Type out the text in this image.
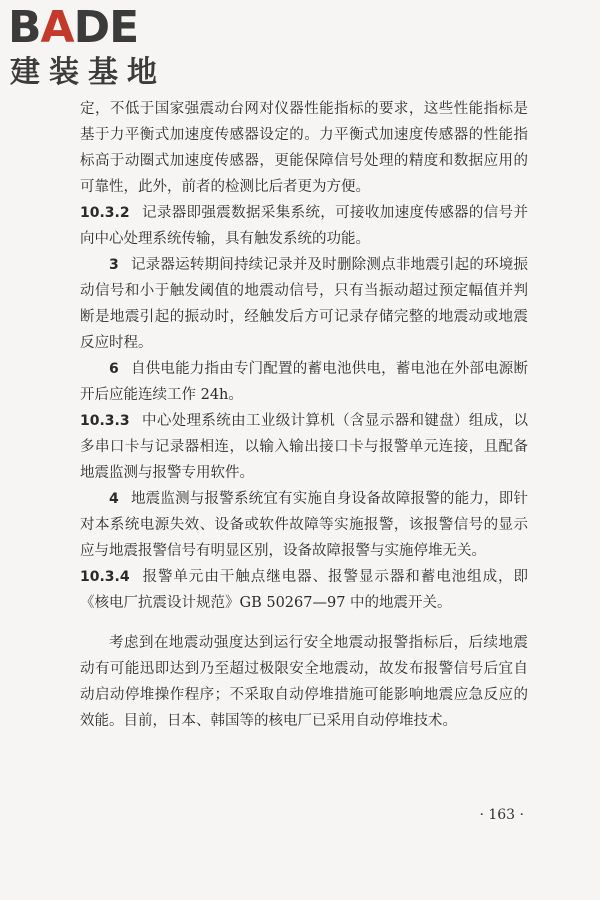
BADE
建装基地

定，不低于国家强震动台网对仪器性能指标的要求，这些性能指标是基于力平衡式加速度传感器设定的。力平衡式加速度传感器的性能指标高于动圈式加速度传感器，更能保障信号处理的精度和数据应用的可靠性，此外，前者的检测比后者更为方便。

10.3.2 记录器即强震数据采集系统，可接收加速度传感器的信号并向中心处理系统传输，具有触发系统的功能。

3 记录器运转期间持续记录并及时删除测点非地震引起的环境振动信号和小于触发阈值的地震动信号，只有当振动超过预定幅值并判断是地震引起的振动时，经触发后方可记录存储完整的地震动或地震反应时程。

6 自供电能力指由专门配置的蓄电池供电，蓄电池在外部电源断开后应能连续工作 24h。

10.3.3 中心处理系统由工业级计算机（含显示器和键盘）组成，以多串口卡与记录器相连，以输入输出接口卡与报警单元连接，且配备地震监测与报警专用软件。

4 地震监测与报警系统宜有实施自身设备故障报警的能力，即针对本系统电源失效、设备或软件故障等实施报警，该报警信号的显示应与地震报警信号有明显区别，设备故障报警与实施停堆无关。

10.3.4 报警单元由干触点继电器、报警显示器和蓄电池组成，即《核电厂抗震设计规范》GB 50267—97 中的地震开关。

考虑到在地震动强度达到运行安全地震动报警指标后，后续地震动有可能迅即达到乃至超过极限安全地震动，故发布报警信号后宜自动启动停堆操作程序；不采取自动停堆措施可能影响地震应急反应的效能。目前，日本、韩国等的核电厂已采用自动停堆技术。

· 163 ·
